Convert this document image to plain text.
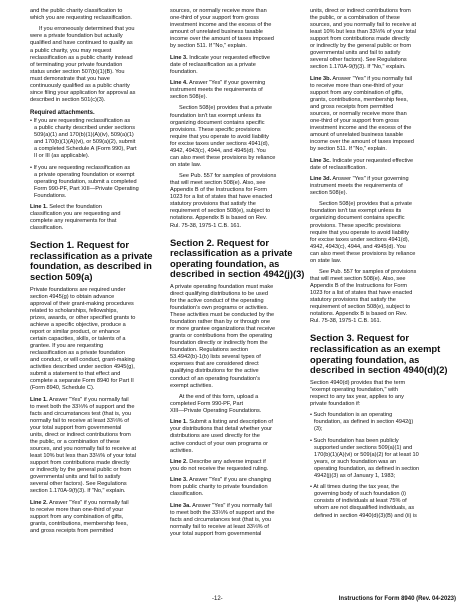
and the public charity classification to
which you are requesting reclassification.

If you erroneously determined that you
were a private foundation but actually
qualified and have continued to qualify as
a public charity, you may request
reclassification as a public charity instead
of terminating your private foundation
status under section 507(b)(1)(B). You
must demonstrate that you have
continuously qualified as a public charity
since filing your application for approval as
described in section 501(c)(3).

Required attachments.

• If you are requesting reclassification as
a public charity described under sections
509(a)(1) and 170(b)(1)(A)(iv), 509(a)(1)
and 170(b)(1)(A)(vi), or 509(a)(2), submit
a completed Schedule A (Form 990), Part
II or III (as applicable).

• If you are requesting reclassification as
a private operating foundation or exempt
operating foundation, submit a completed
Form 990-PF, Part XIII—Private Operating
Foundations.

Line 1. Select the foundation
classification you are requesting and
complete any requirements for that
classification.

Section 1. Request for
reclassification as a private
foundation, as described in
section 509(a)

Private foundations are required under
section 4945(g) to obtain advance
approval of their grant-making procedures
related to scholarships, fellowships,
prizes, awards, or other specified grants to
achieve a specific objective, produce a
report or similar product, or enhance
certain capacities, skills, or talents of a
grantee. If you are requesting
reclassification as a private foundation
and conduct, or will conduct, grant-making
activities described under section 4945(g),
submit a statement to that effect and
complete a separate Form 8940 for Part II
(Form 8940, Schedule C).

Line 1. Answer "Yes" if you normally fail
to meet both the 33⅓% of support and the
facts and circumstances test (that is, you
normally fail to receive at least 33⅓% of
your total support from governmental
units, direct or indirect contributions from
the public, or a combination of these
sources, and you normally fail to receive at
least 10% but less than 33⅓% of your total
support from contributions made directly
or indirectly by the general public or from
governmental units and fail to satisfy
several other factors). See Regulations
section 1.170A-9(f)(3). If "No," explain.

Line 2. Answer "Yes" if you normally fail
to receive more than one-third of your
support from any combination of gifts,
grants, contributions, membership fees,
and gross receipts from permitted

sources, or normally receive more than
one-third of your support from gross
investment income and the excess of the
amount of unrelated business taxable
income over the amount of taxes imposed
by section 511. If "No," explain.

Line 3. Indicate your requested effective
date of reclassification as a private
foundation.

Line 4. Answer "Yes" if your governing
instrument meets the requirements of
section 508(e).

Section 508(e) provides that a private
foundation isn't tax exempt unless its
organizing document contains specific
provisions. These specific provisions
require that you operate to avoid liability
for excise taxes under sections 4941(d),
4942, 4943(c), 4944, and 4945(d). You
can also meet these provisions by reliance
on state law.

See Pub. 557 for samples of provisions
that will meet section 508(e). Also, see
Appendix B of the Instructions for Form
1023 for a list of states that have enacted
statutory provisions that satisfy the
requirement of section 508(e), subject to
notations. Appendix B is based on Rev.
Rul. 75-38, 1975-1 C.B. 161.

Section 2. Request for
reclassification as a private
operating foundation, as
described in section 4942(j)(3)

A private operating foundation must make
direct qualifying distributions to be used
for the active conduct of the operating
foundation's own programs or activities.
These activities must be conducted by the
foundation rather than by or through one
or more grantee organizations that receive
grants or contributions from the operating
foundation directly or indirectly from the
foundation. Regulations section
53.4942(b)-1(b) lists several types of
expenses that are considered direct
qualifying distributions for the active
conduct of an operating foundation's
exempt activities.

At the end of this form, upload a
completed Form 990-PF, Part
XIII—Private Operating Foundations.

Line 1. Submit a listing and description of
your distributions that detail whether your
distributions are used directly for the
active conduct of your own programs or
activities.

Line 2. Describe any adverse impact if
you do not receive the requested ruling.

Line 3. Answer "Yes" if you are changing
from public charity to private foundation
classification.

Line 3a. Answer "Yes" if you normally fail
to meet both the 33⅓% of support and the
facts and circumstances test (that is, you
normally fail to receive at least 33⅓% of
your total support from governmental

units, direct or indirect contributions from
the public, or a combination of these
sources, and you normally fail to receive at
least 10% but less than 33⅓% of your total
support from contributions made directly
or indirectly by the general public or from
governmental units and fail to satisfy
several other factors). See Regulations
section 1.170A-9(f)(3). If "No," explain.

Line 3b. Answer "Yes" if you normally fail
to receive more than one-third of your
support from any combination of gifts,
grants, contributions, membership fees,
and gross receipts from permitted
sources, or normally receive more than
one-third of your support from gross
investment income and the excess of the
amount of unrelated business taxable
income over the amount of taxes imposed
by section 511. If "No," explain.

Line 3c. Indicate your requested effective
date of reclassification.

Line 3d. Answer "Yes" if your governing
instrument meets the requirements of
section 508(e).

Section 508(e) provides that a private
foundation isn't tax exempt unless its
organizing document contains specific
provisions. These specific provisions
require that you operate to avoid liability
for excise taxes under sections 4941(d),
4942, 4943(c), 4944, and 4945(d). You
can also meet these provisions by reliance
on state law.

See Pub. 557 for samples of provisions
that will meet section 508(e). Also, see
Appendix B of the Instructions for Form
1023 for a list of states that have enacted
statutory provisions that satisfy the
requirement of section 508(e), subject to
notations. Appendix B is based on Rev.
Rul. 75-38, 1975-1 C.B. 161.

Section 3. Request for
reclassification as an exempt
operating foundation, as
described in section 4940(d)(2)

Section 4940(d) provides that the term
"exempt operating foundation," with
respect to any tax year, applies to any
private foundation if:

• Such foundation is an operating
foundation, as defined in section 4942(j)
(3);

• Such foundation has been publicly
supported under sections 509(a)(1) and
170(b)(1)(A)(vi) or 509(a)(2) for at least 10
years, or such foundation was an
operating foundation, as defined in section
4942(j)(3) as of January 1, 1983;

• At all times during the tax year, the
governing body of such foundation (i)
consists of individuals at least 75% of
whom are not disqualified individuals, as
defined in section 4940(d)(3)(B) and (ii) is

-12-	Instructions for Form 8940 (Rev. 04-2023)
